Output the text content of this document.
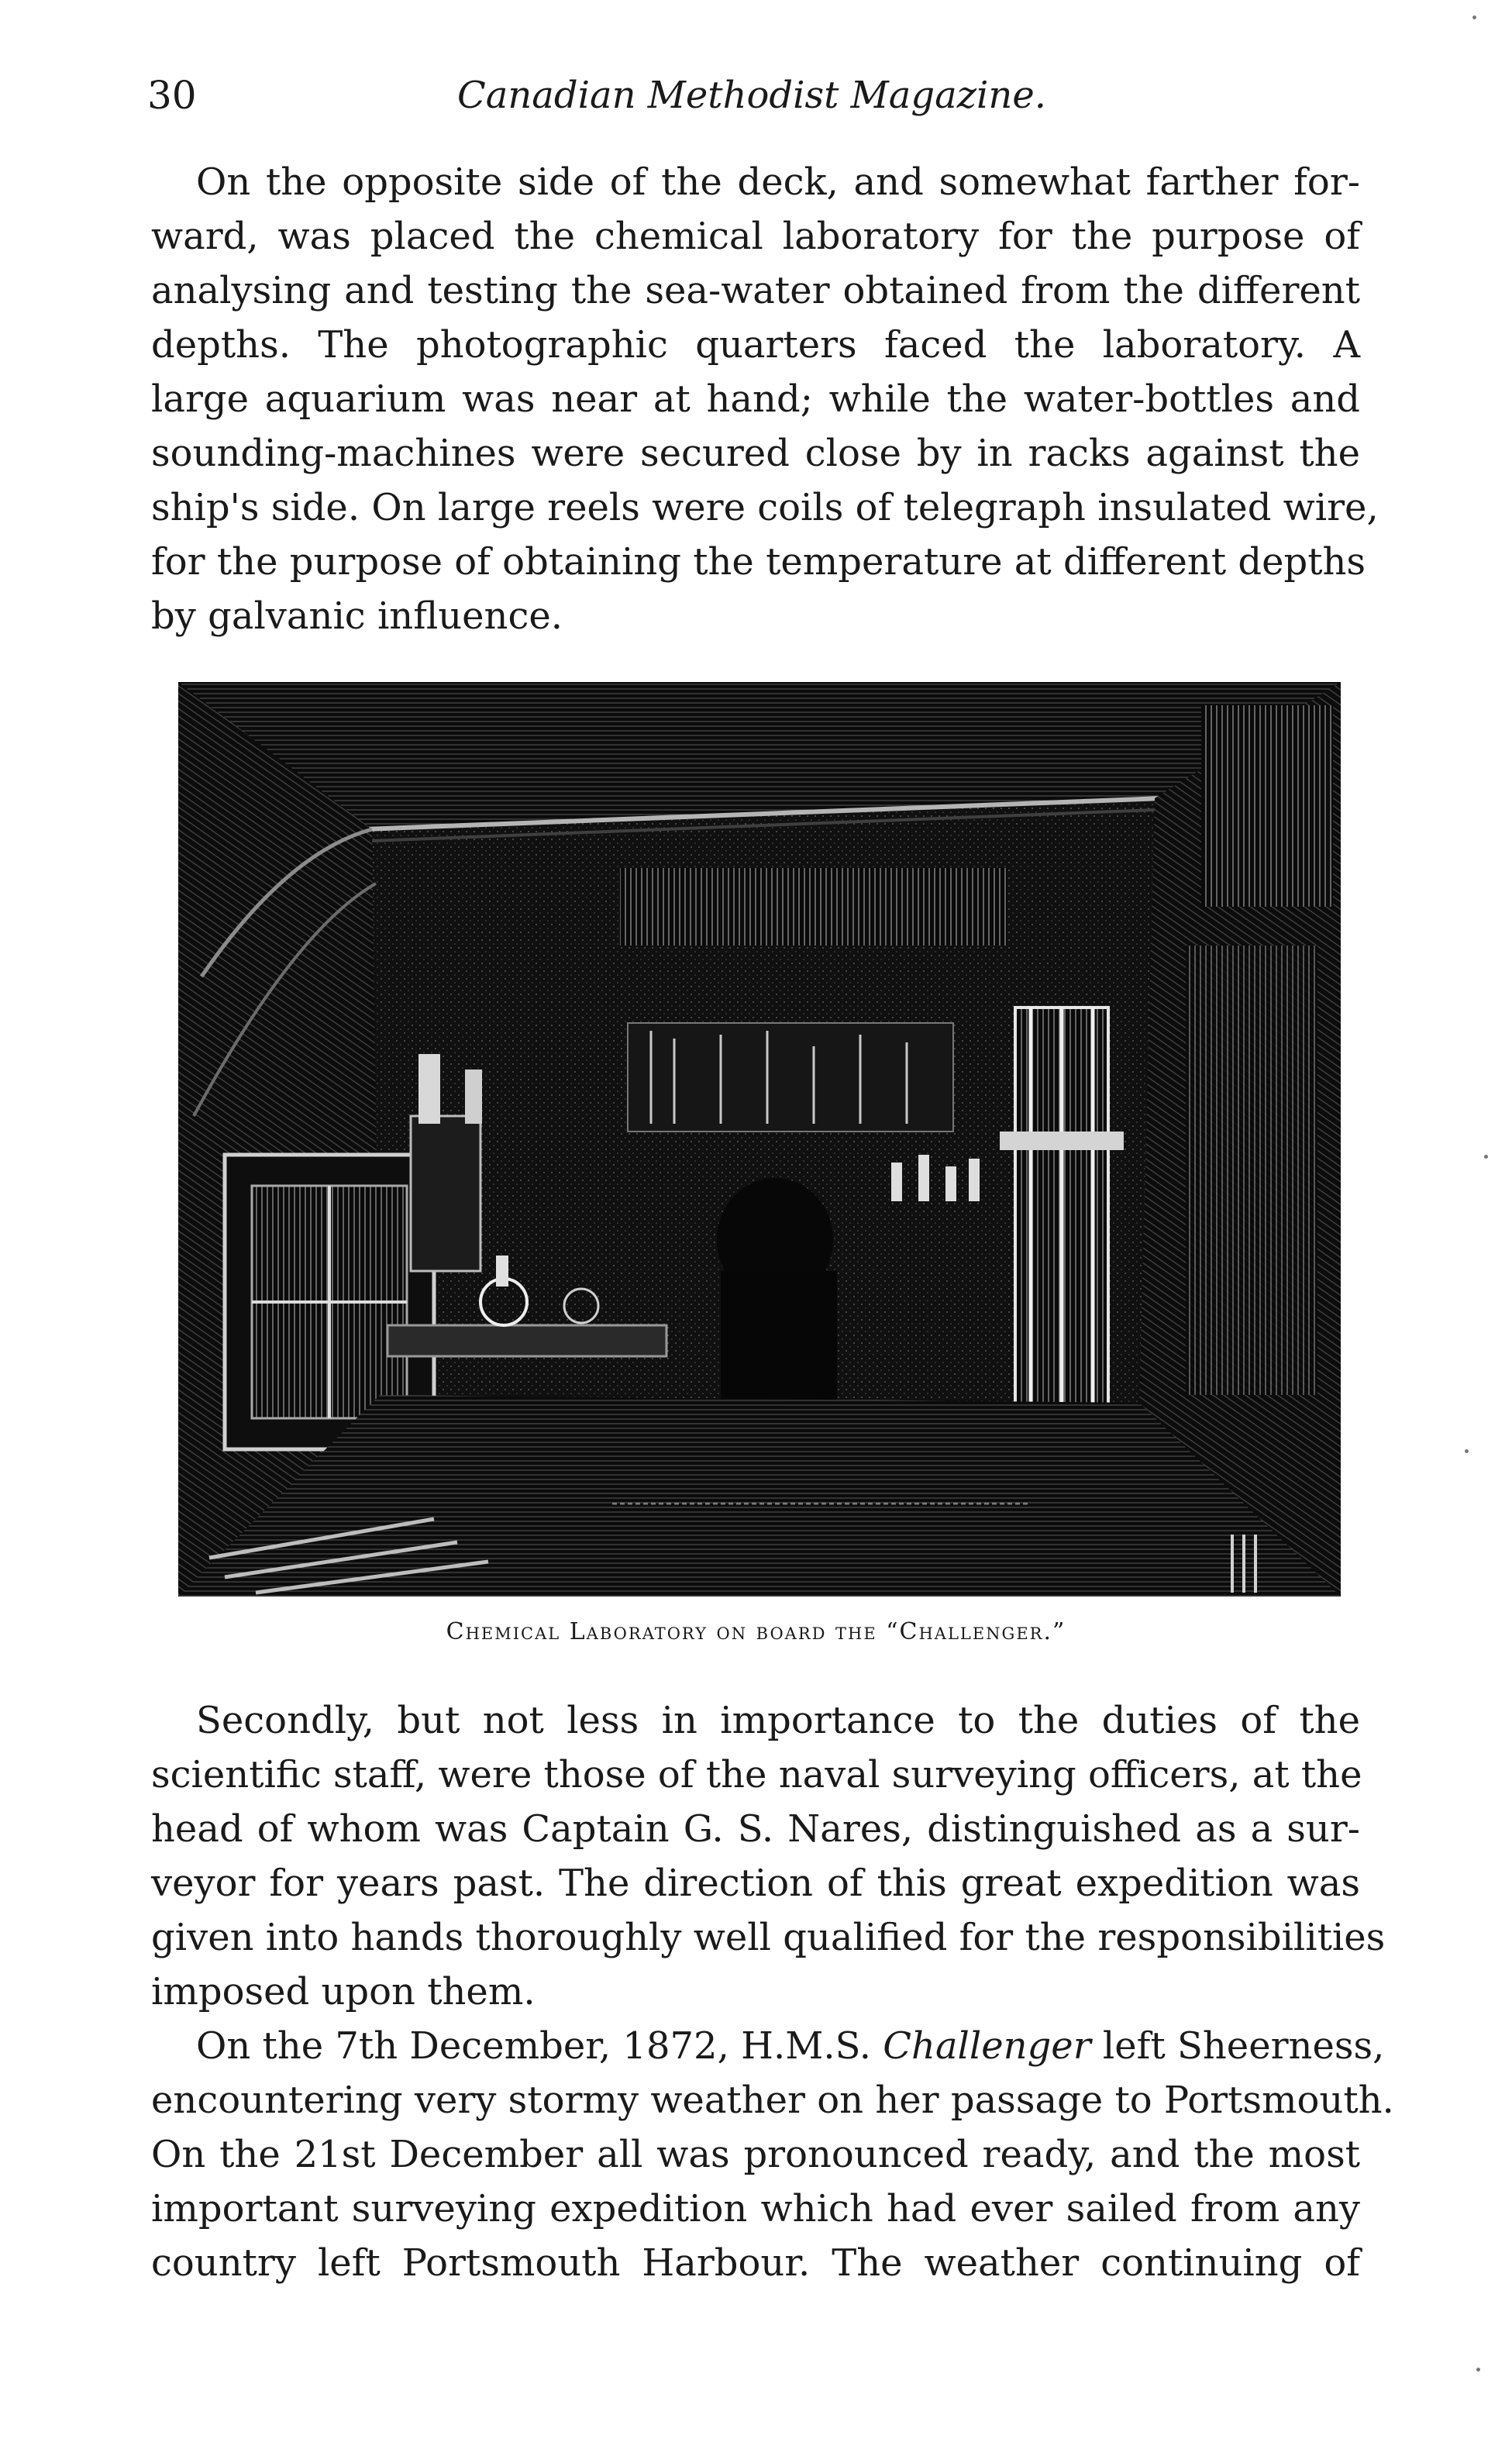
30	Canadian Methodist Magazine.
On the opposite side of the deck, and somewhat farther for-
ward, was placed the chemical laboratory for the purpose of
analysing and testing the sea-water obtained from the different
depths. The photographic quarters faced the laboratory. A
large aquarium was near at hand; while the water-bottles and
sounding-machines were secured close by in racks against the
ship's side. On large reels were coils of telegraph insulated wire,
for the purpose of obtaining the temperature at different depths
by galvanic influence.
Chemical Laboratory on board the “Challenger.”
Secondly, but not less in importance to the duties of the
scientific staff, were those of the naval surveying officers, at the
head of whom was Captain G. S. Nares, distinguished as a sur-
veyor for years past. The direction of this great expedition was
given into hands thoroughly well qualified for the responsibilities
imposed upon them.
On the 7th December, 1872, H.M.S. Challenger left Sheerness,
encountering very stormy weather on her passage to Portsmouth.
On the 21st December all was pronounced ready, and the most
important surveying expedition which had ever sailed from any
country left Portsmouth Harbour. The weather continuing of
